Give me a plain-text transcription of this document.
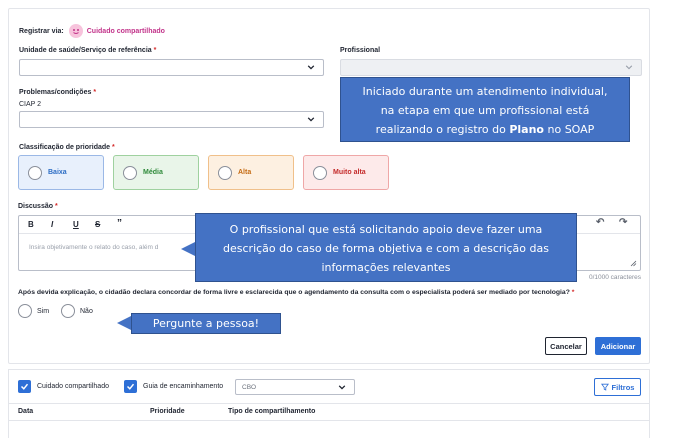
Registrar via:	Cuidado compartilhado
Unidade de saúde/Serviço de referência *	Profissional
Problemas/condições *
CIAP 2
Classificação de prioridade *
Baixa	Média	Alta	Muito alta
Discussão *
B I U S ”	↶ ↷
Insira objetivamente o relato do caso, além d
0/1000 caracteres
Após devida explicação, o cidadão declara concordar de forma livre e esclarecida que o agendamento da consulta com o especialista poderá ser mediado por tecnologia? *
Sim	Não
Cancelar	Adicionar
Iniciado durante um atendimento individual,
na etapa em que um profissional está
realizando o registro do Plano no SOAP
O profissional que está solicitando apoio deve fazer uma
descrição do caso de forma objetiva e com a descrição das
informações relevantes
Pergunte a pessoa!
Cuidado compartilhado	Guia de encaminhamento	CBO	Filtros
Data	Prioridade	Tipo de compartilhamento
